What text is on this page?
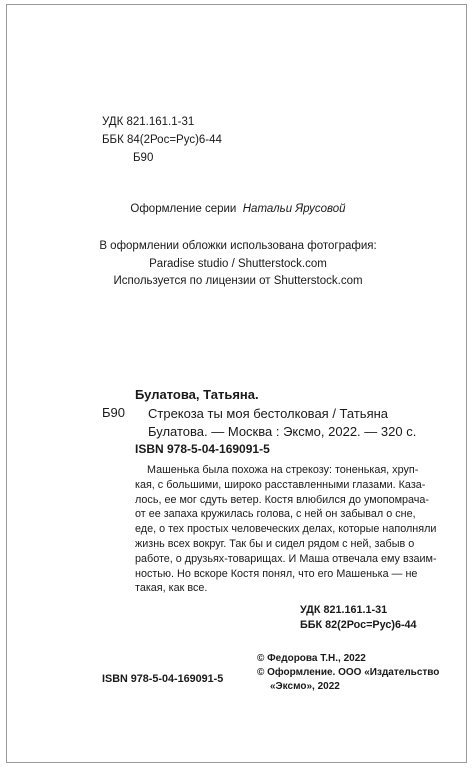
УДК 821.161.1-31
ББК 84(2Рос=Рус)6-44
Б90
Оформление серии Натальи Ярусовой
В оформлении обложки использована фотография:
Paradise studio / Shutterstock.com
Используется по лицензии от Shutterstock.com
Булатова, Татьяна.
Б90 Стрекоза ты моя бестолковая / Татьяна
Булатова. — Москва : Эксмо, 2022. — 320 с.
ISBN 978-5-04-169091-5
Машенька была похожа на стрекозу: тоненькая, хруп-
кая, с большими, широко расставленными глазами. Каза-
лось, ее мог сдуть ветер. Костя влюбился до умопомрача-
от ее запаха кружилась голова, с ней он забывал о сне,
еде, о тех простых человеческих делах, которые наполняли
жизнь всех вокруг. Так бы и сидел рядом с ней, забыв о
работе, о друзьях-товарищах. И Маша отвечала ему взаим-
ностью. Но вскоре Костя понял, что его Машенька — не
такая, как все.
УДК 821.161.1-31
ББК 82(2Рос=Рус)6-44
© Федорова Т.Н., 2022
© Оформление. ООО «Издательство
«Эксмо», 2022
ISBN 978-5-04-169091-5
